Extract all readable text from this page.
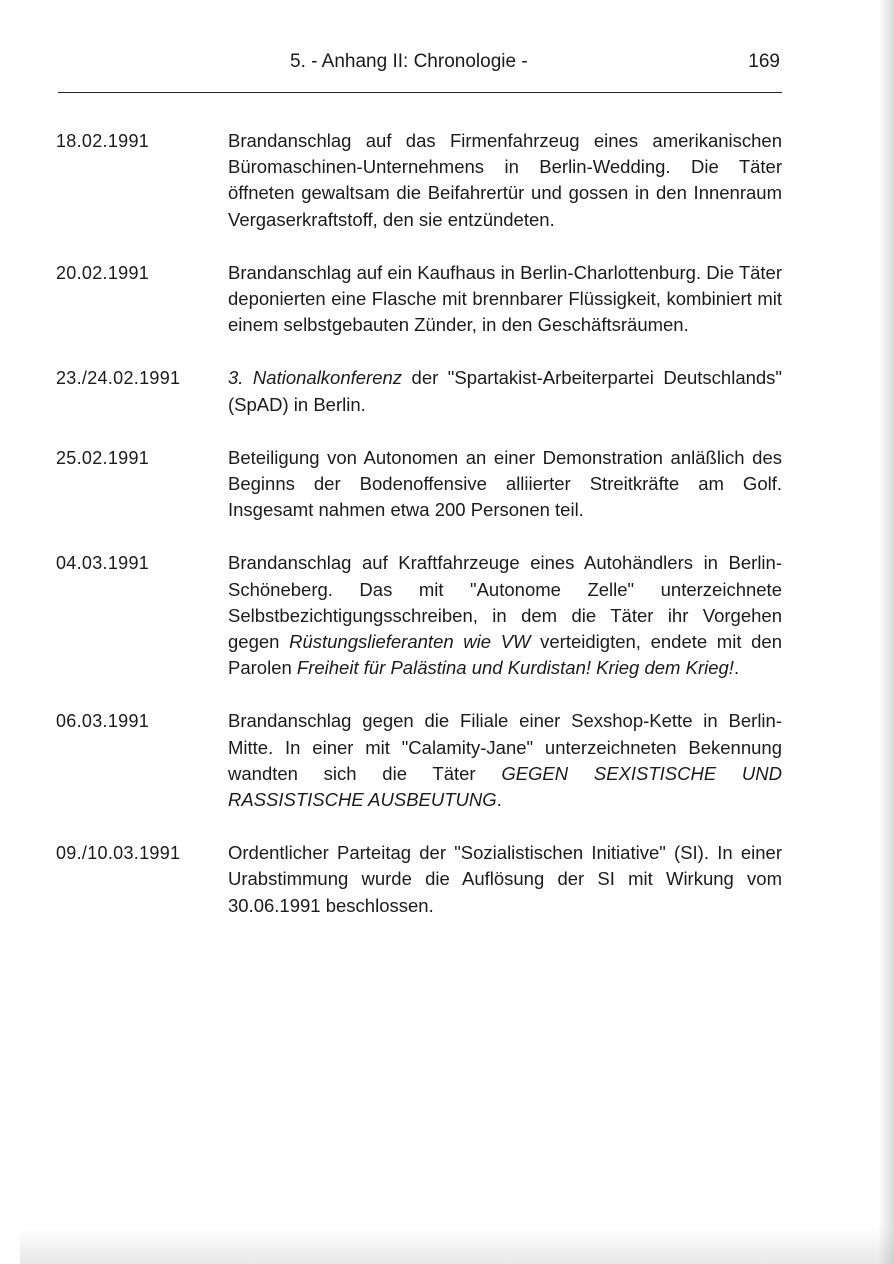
5. - Anhang II: Chronologie -	169
18.02.1991	Brandanschlag auf das Firmenfahrzeug eines amerikanischen Büromaschinen-Unternehmens in Berlin-Wedding. Die Täter öffneten gewaltsam die Beifahrertür und gossen in den Innenraum Vergaserkraftstoff, den sie entzündeten.
20.02.1991	Brandanschlag auf ein Kaufhaus in Berlin-Charlottenburg. Die Täter deponierten eine Flasche mit brennbarer Flüssigkeit, kombiniert mit einem selbstgebauten Zünder, in den Geschäftsräumen.
23./24.02.1991	3. Nationalkonferenz der "Spartakist-Arbeiterpartei Deutschlands" (SpAD) in Berlin.
25.02.1991	Beteiligung von Autonomen an einer Demonstration anläßlich des Beginns der Bodenoffensive alliierter Streitkräfte am Golf. Insgesamt nahmen etwa 200 Personen teil.
04.03.1991	Brandanschlag auf Kraftfahrzeuge eines Autohändlers in Berlin-Schöneberg. Das mit "Autonome Zelle" unterzeichnete Selbstbezichtigungsschreiben, in dem die Täter ihr Vorgehen gegen Rüstungslieferanten wie VW verteidigten, endete mit den Parolen Freiheit für Palästina und Kurdistan! Krieg dem Krieg!.
06.03.1991	Brandanschlag gegen die Filiale einer Sexshop-Kette in Berlin-Mitte. In einer mit "Calamity-Jane" unterzeichneten Bekennung wandten sich die Täter GEGEN SEXISTISCHE UND RASSISTISCHE AUSBEUTUNG.
09./10.03.1991	Ordentlicher Parteitag der "Sozialistischen Initiative" (SI). In einer Urabstimmung wurde die Auflösung der SI mit Wirkung vom 30.06.1991 beschlossen.
